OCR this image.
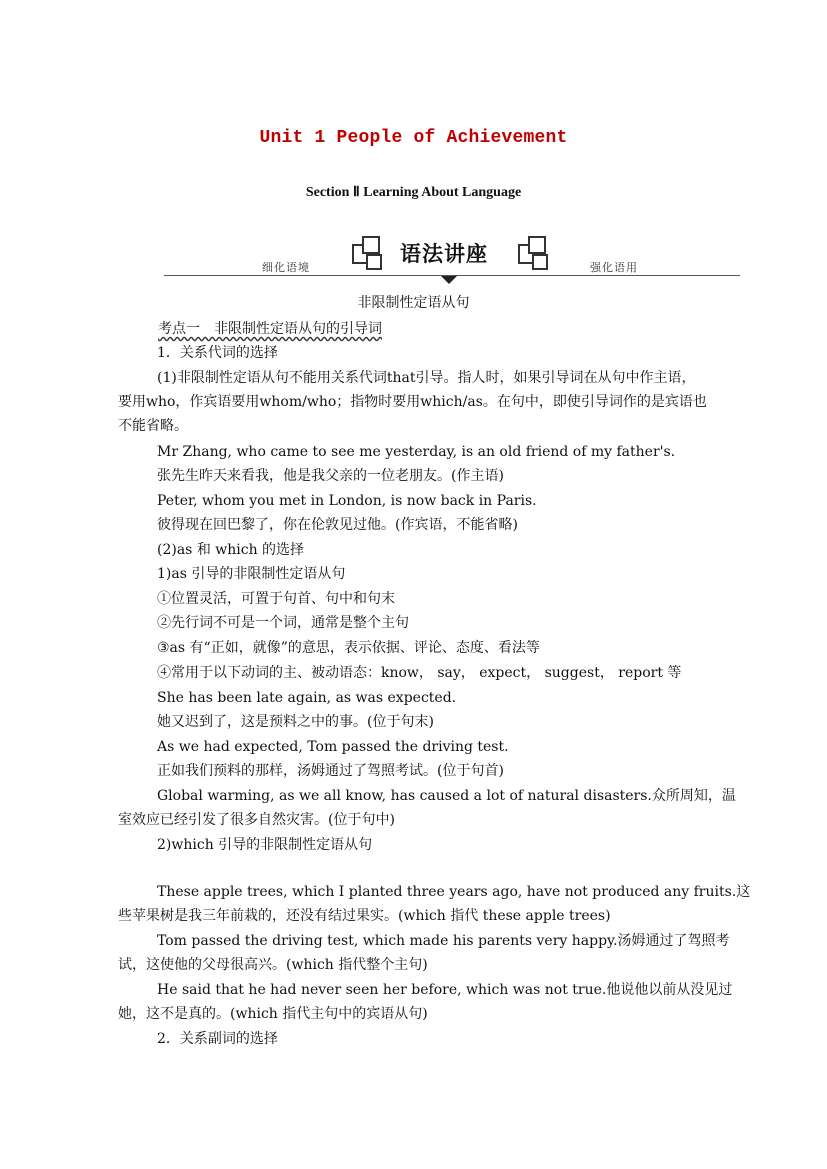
Unit 1 People of Achievement
Section Ⅱ Learning About Language
细化语境
语法讲座
强化语用
非限制性定语从句
考点一　非限制性定语从句的引导词
1．关系代词的选择
(1)非限制性定语从句不能用关系代词that引导。指人时，如果引导词在从句中作主语，
要用who，作宾语要用whom/who；指物时要用which/as。在句中，即使引导词作的是宾语也
不能省略。
Mr Zhang, who came to see me yesterday, is an old friend of my father's.
张先生昨天来看我，他是我父亲的一位老朋友。(作主语)
Peter, whom you met in London, is now back in Paris.
彼得现在回巴黎了，你在伦敦见过他。(作宾语，不能省略)
(2)as 和 which 的选择
1)as 引导的非限制性定语从句
①位置灵活，可置于句首、句中和句末
②先行词不可是一个词，通常是整个主句
③as 有“正如，就像”的意思，表示依据、评论、态度、看法等
④常用于以下动词的主、被动语态：know， say， expect， suggest， report 等
She has been late again, as was expected.
她又迟到了，这是预料之中的事。(位于句末)
As we had expected, Tom passed the driving test.
正如我们预料的那样，汤姆通过了驾照考试。(位于句首)
Global warming, as we all know, has caused a lot of natural disasters.众所周知，温
室效应已经引发了很多自然灾害。(位于句中)
2)which 引导的非限制性定语从句
These apple trees, which I planted three years ago, have not produced any fruits.这
些苹果树是我三年前栽的，还没有结过果实。(which 指代 these apple trees)
Tom passed the driving test, which made his parents very happy.汤姆通过了驾照考
试，这使他的父母很高兴。(which 指代整个主句)
He said that he had never seen her before, which was not true.他说他以前从没见过
她，这不是真的。(which 指代主句中的宾语从句)
2．关系副词的选择
